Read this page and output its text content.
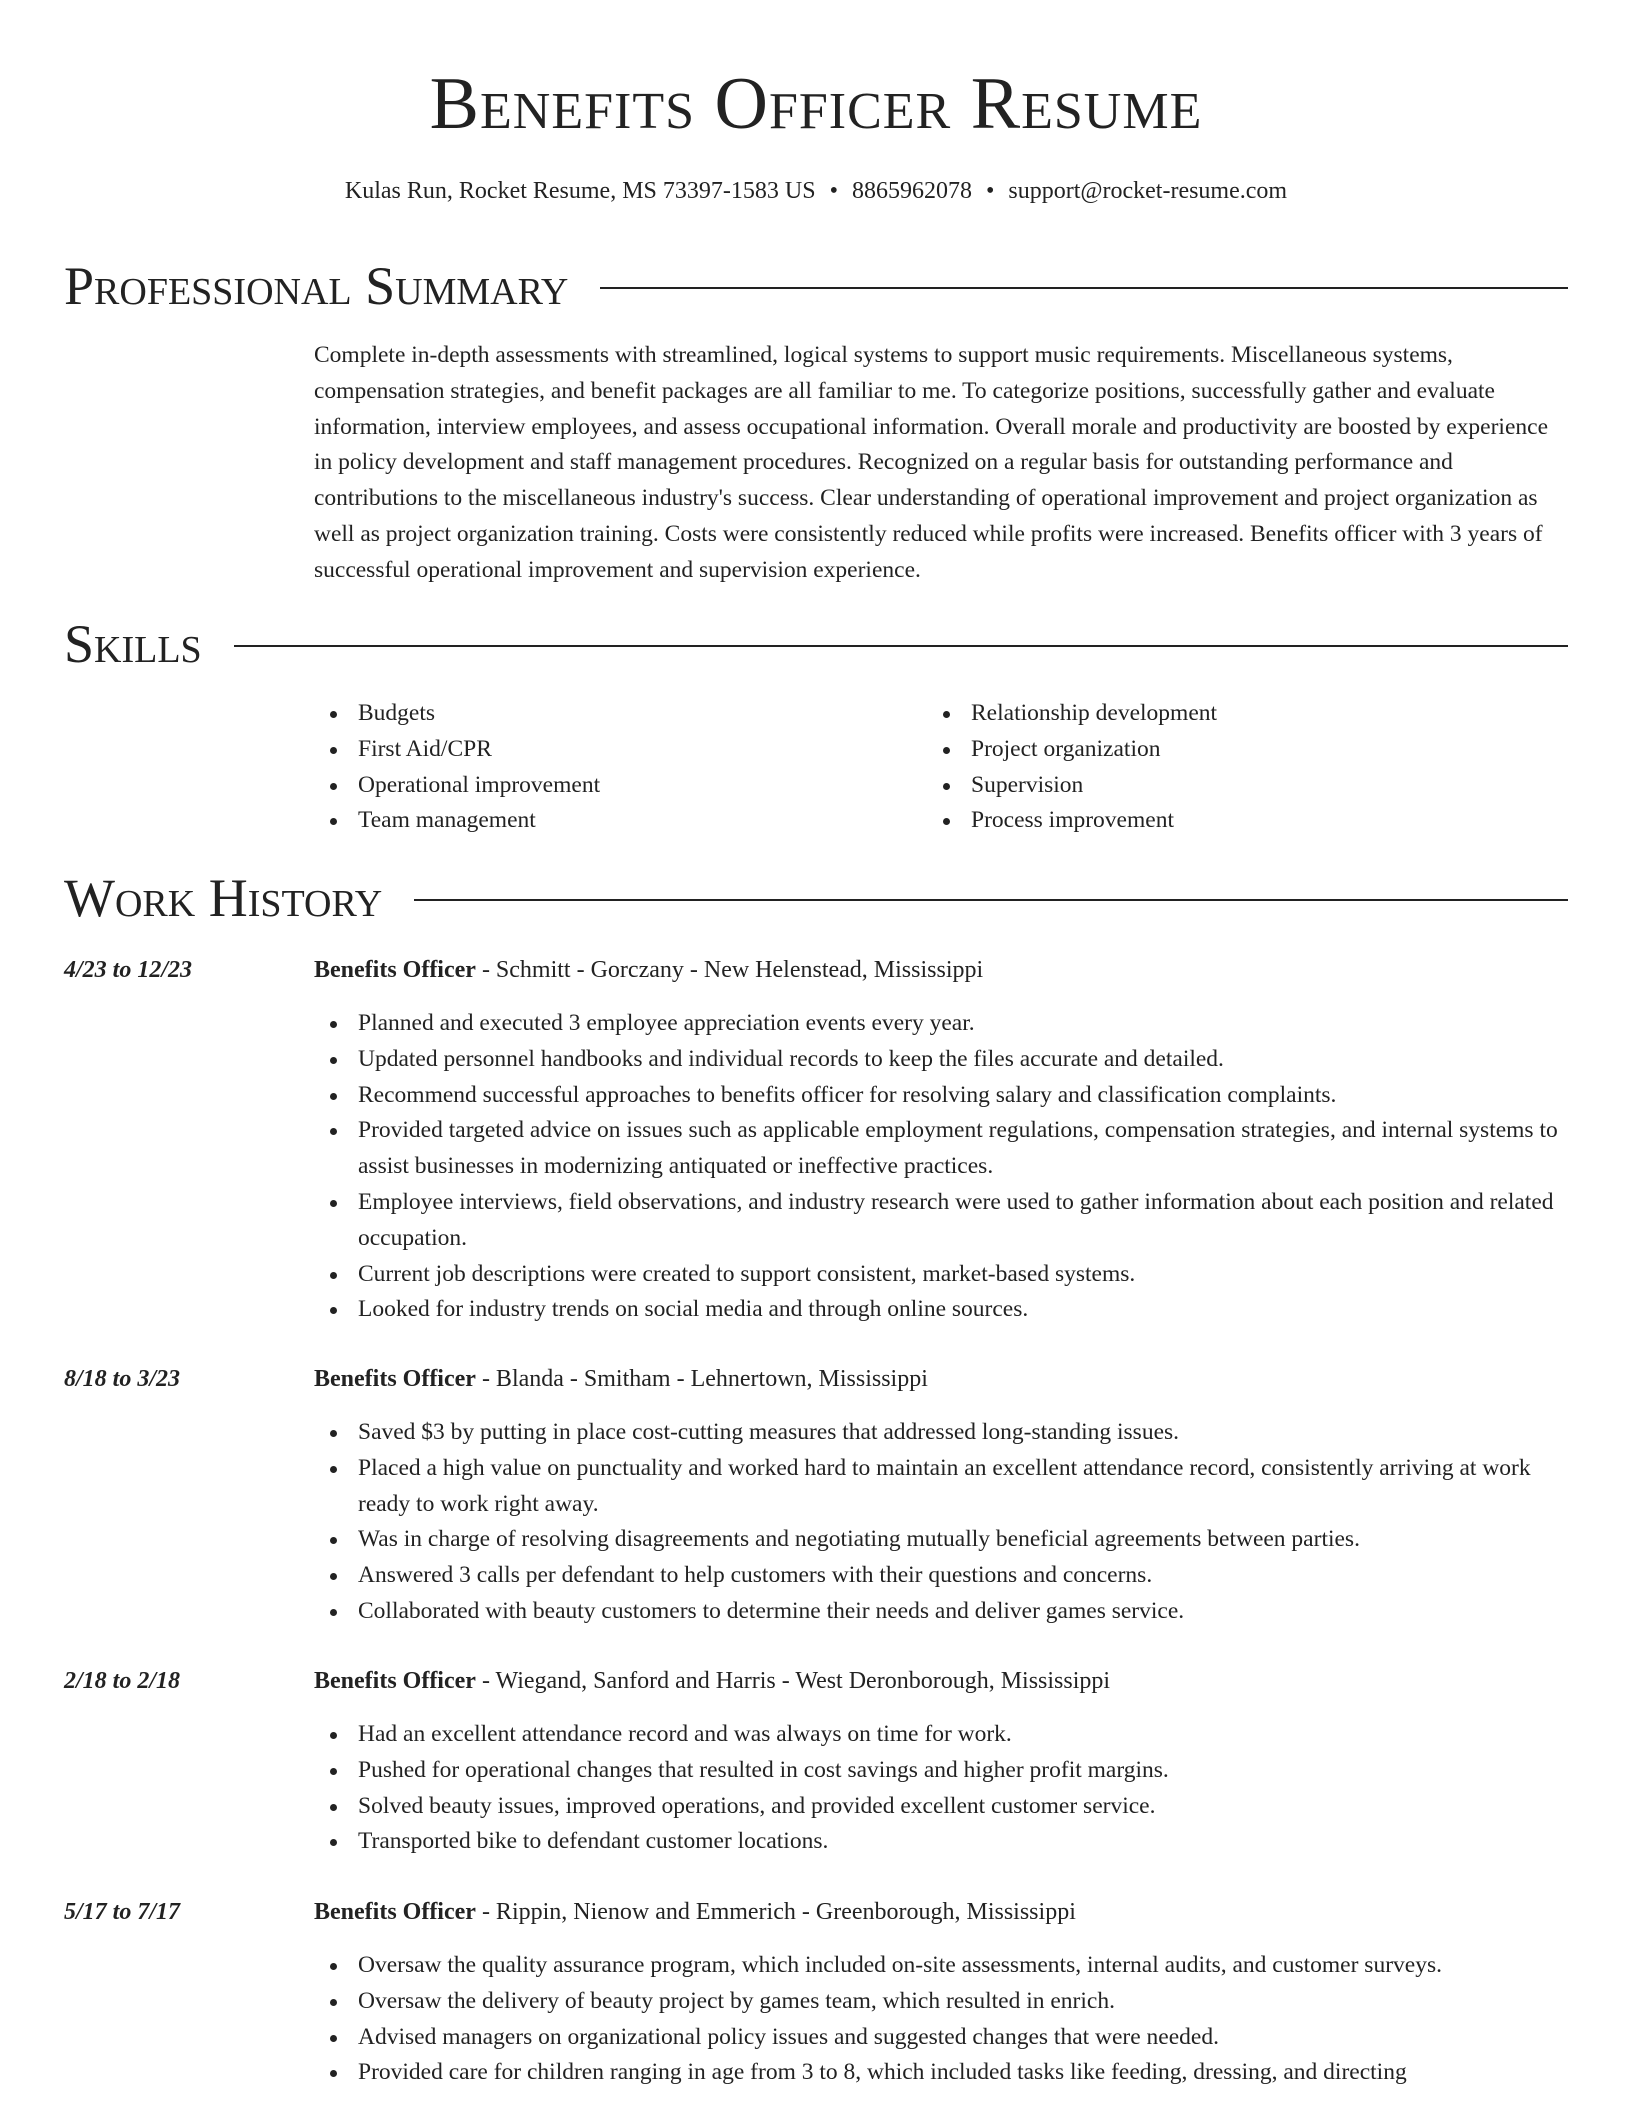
Benefits Officer Resume
Kulas Run, Rocket Resume, MS 73397-1583 US • 8865962078 • support@rocket-resume.com
Professional Summary
Complete in-depth assessments with streamlined, logical systems to support music requirements. Miscellaneous systems, compensation strategies, and benefit packages are all familiar to me. To categorize positions, successfully gather and evaluate information, interview employees, and assess occupational information. Overall morale and productivity are boosted by experience in policy development and staff management procedures. Recognized on a regular basis for outstanding performance and contributions to the miscellaneous industry's success. Clear understanding of operational improvement and project organization as well as project organization training. Costs were consistently reduced while profits were increased. Benefits officer with 3 years of successful operational improvement and supervision experience.
Skills
Budgets
First Aid/CPR
Operational improvement
Team management
Relationship development
Project organization
Supervision
Process improvement
Work History
4/23 to 12/23	Benefits Officer - Schmitt - Gorczany - New Helenstead, Mississippi
Planned and executed 3 employee appreciation events every year.
Updated personnel handbooks and individual records to keep the files accurate and detailed.
Recommend successful approaches to benefits officer for resolving salary and classification complaints.
Provided targeted advice on issues such as applicable employment regulations, compensation strategies, and internal systems to assist businesses in modernizing antiquated or ineffective practices.
Employee interviews, field observations, and industry research were used to gather information about each position and related occupation.
Current job descriptions were created to support consistent, market-based systems.
Looked for industry trends on social media and through online sources.
8/18 to 3/23	Benefits Officer - Blanda - Smitham - Lehnertown, Mississippi
Saved $3 by putting in place cost-cutting measures that addressed long-standing issues.
Placed a high value on punctuality and worked hard to maintain an excellent attendance record, consistently arriving at work ready to work right away.
Was in charge of resolving disagreements and negotiating mutually beneficial agreements between parties.
Answered 3 calls per defendant to help customers with their questions and concerns.
Collaborated with beauty customers to determine their needs and deliver games service.
2/18 to 2/18	Benefits Officer - Wiegand, Sanford and Harris - West Deronborough, Mississippi
Had an excellent attendance record and was always on time for work.
Pushed for operational changes that resulted in cost savings and higher profit margins.
Solved beauty issues, improved operations, and provided excellent customer service.
Transported bike to defendant customer locations.
5/17 to 7/17	Benefits Officer - Rippin, Nienow and Emmerich - Greenborough, Mississippi
Oversaw the quality assurance program, which included on-site assessments, internal audits, and customer surveys.
Oversaw the delivery of beauty project by games team, which resulted in enrich.
Advised managers on organizational policy issues and suggested changes that were needed.
Provided care for children ranging in age from 3 to 8, which included tasks like feeding, dressing, and directing
